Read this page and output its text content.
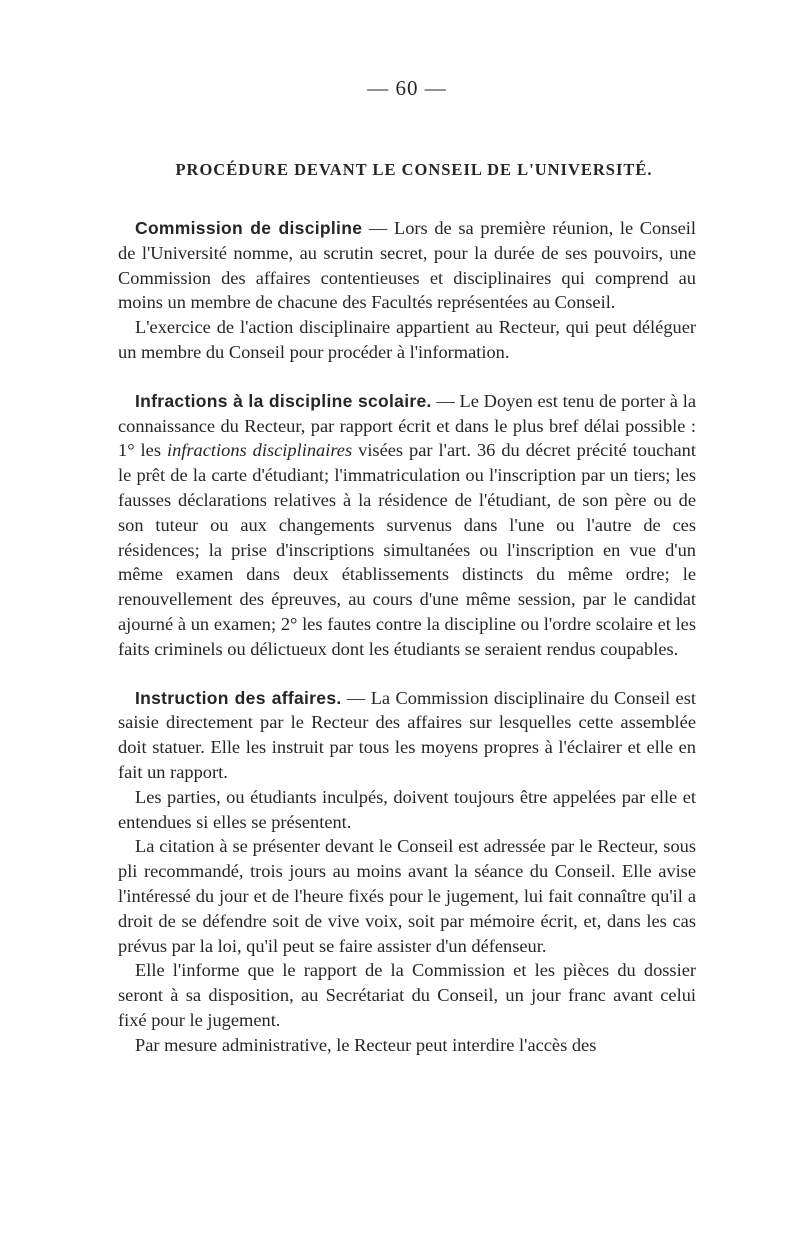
— 60 —
PROCÉDURE DEVANT LE CONSEIL DE L'UNIVERSITÉ.

Commission de discipline — Lors de sa première réunion, le Conseil de l'Université nomme, au scrutin secret, pour la durée de ses pouvoirs, une Commission des affaires contentieuses et disciplinaires qui comprend au moins un membre de chacune des Facultés représentées au Conseil.

L'exercice de l'action disciplinaire appartient au Recteur, qui peut déléguer un membre du Conseil pour procéder à l'information.

Infractions à la discipline scolaire. — Le Doyen est tenu de porter à la connaissance du Recteur, par rapport écrit et dans le plus bref délai possible : 1° les infractions disciplinaires visées par l'art. 36 du décret précité touchant le prêt de la carte d'étudiant; l'immatriculation ou l'inscription par un tiers; les fausses déclarations relatives à la résidence de l'étudiant, de son père ou de son tuteur ou aux changements survenus dans l'une ou l'autre de ces résidences; la prise d'inscriptions simultanées ou l'inscription en vue d'un même examen dans deux établissements distincts du même ordre; le renouvellement des épreuves, au cours d'une même session, par le candidat ajourné à un examen; 2° les fautes contre la discipline ou l'ordre scolaire et les faits criminels ou délictueux dont les étudiants se seraient rendus coupables.

Instruction des affaires. — La Commission disciplinaire du Conseil est saisie directement par le Recteur des affaires sur lesquelles cette assemblée doit statuer. Elle les instruit par tous les moyens propres à l'éclairer et elle en fait un rapport.

Les parties, ou étudiants inculpés, doivent toujours être appelées par elle et entendues si elles se présentent.

La citation à se présenter devant le Conseil est adressée par le Recteur, sous pli recommandé, trois jours au moins avant la séance du Conseil. Elle avise l'intéressé du jour et de l'heure fixés pour le jugement, lui fait connaître qu'il a droit de se défendre soit de vive voix, soit par mémoire écrit, et, dans les cas prévus par la loi, qu'il peut se faire assister d'un défenseur.

Elle l'informe que le rapport de la Commission et les pièces du dossier seront à sa disposition, au Secrétariat du Conseil, un jour franc avant celui fixé pour le jugement.

Par mesure administrative, le Recteur peut interdire l'accès des
